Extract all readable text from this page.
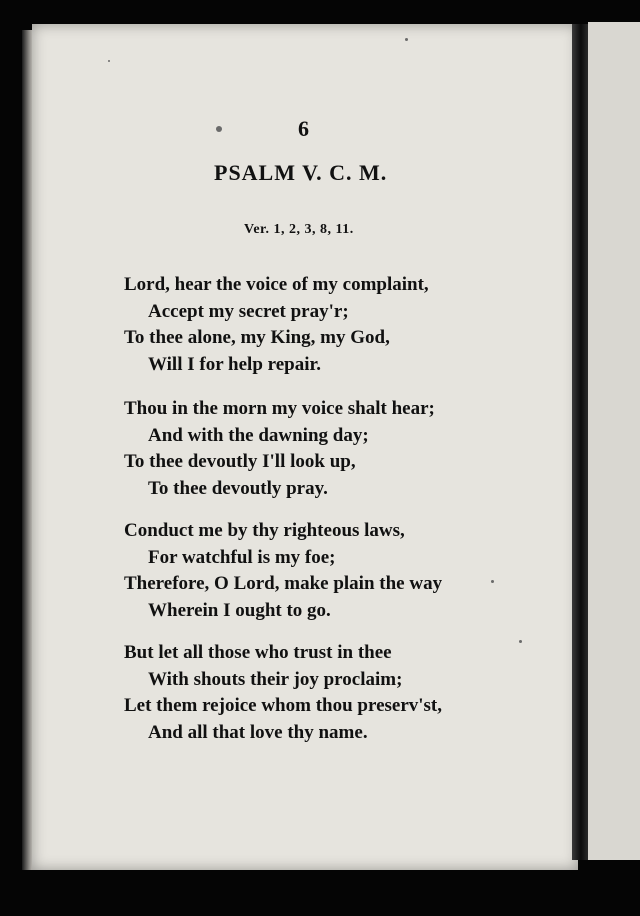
6
PSALM V. C. M.
Ver. 1, 2, 3, 8, 11.
Lord, hear the voice of my complaint,
Accept my secret pray'r;
To thee alone, my King, my God,
Will I for help repair.
Thou in the morn my voice shalt hear;
And with the dawning day;
To thee devoutly I'll look up,
To thee devoutly pray.
Conduct me by thy righteous laws,
For watchful is my foe;
Therefore, O Lord, make plain the way
Wherein I ought to go.
But let all those who trust in thee
With shouts their joy proclaim;
Let them rejoice whom thou preserv'st,
And all that love thy name.
